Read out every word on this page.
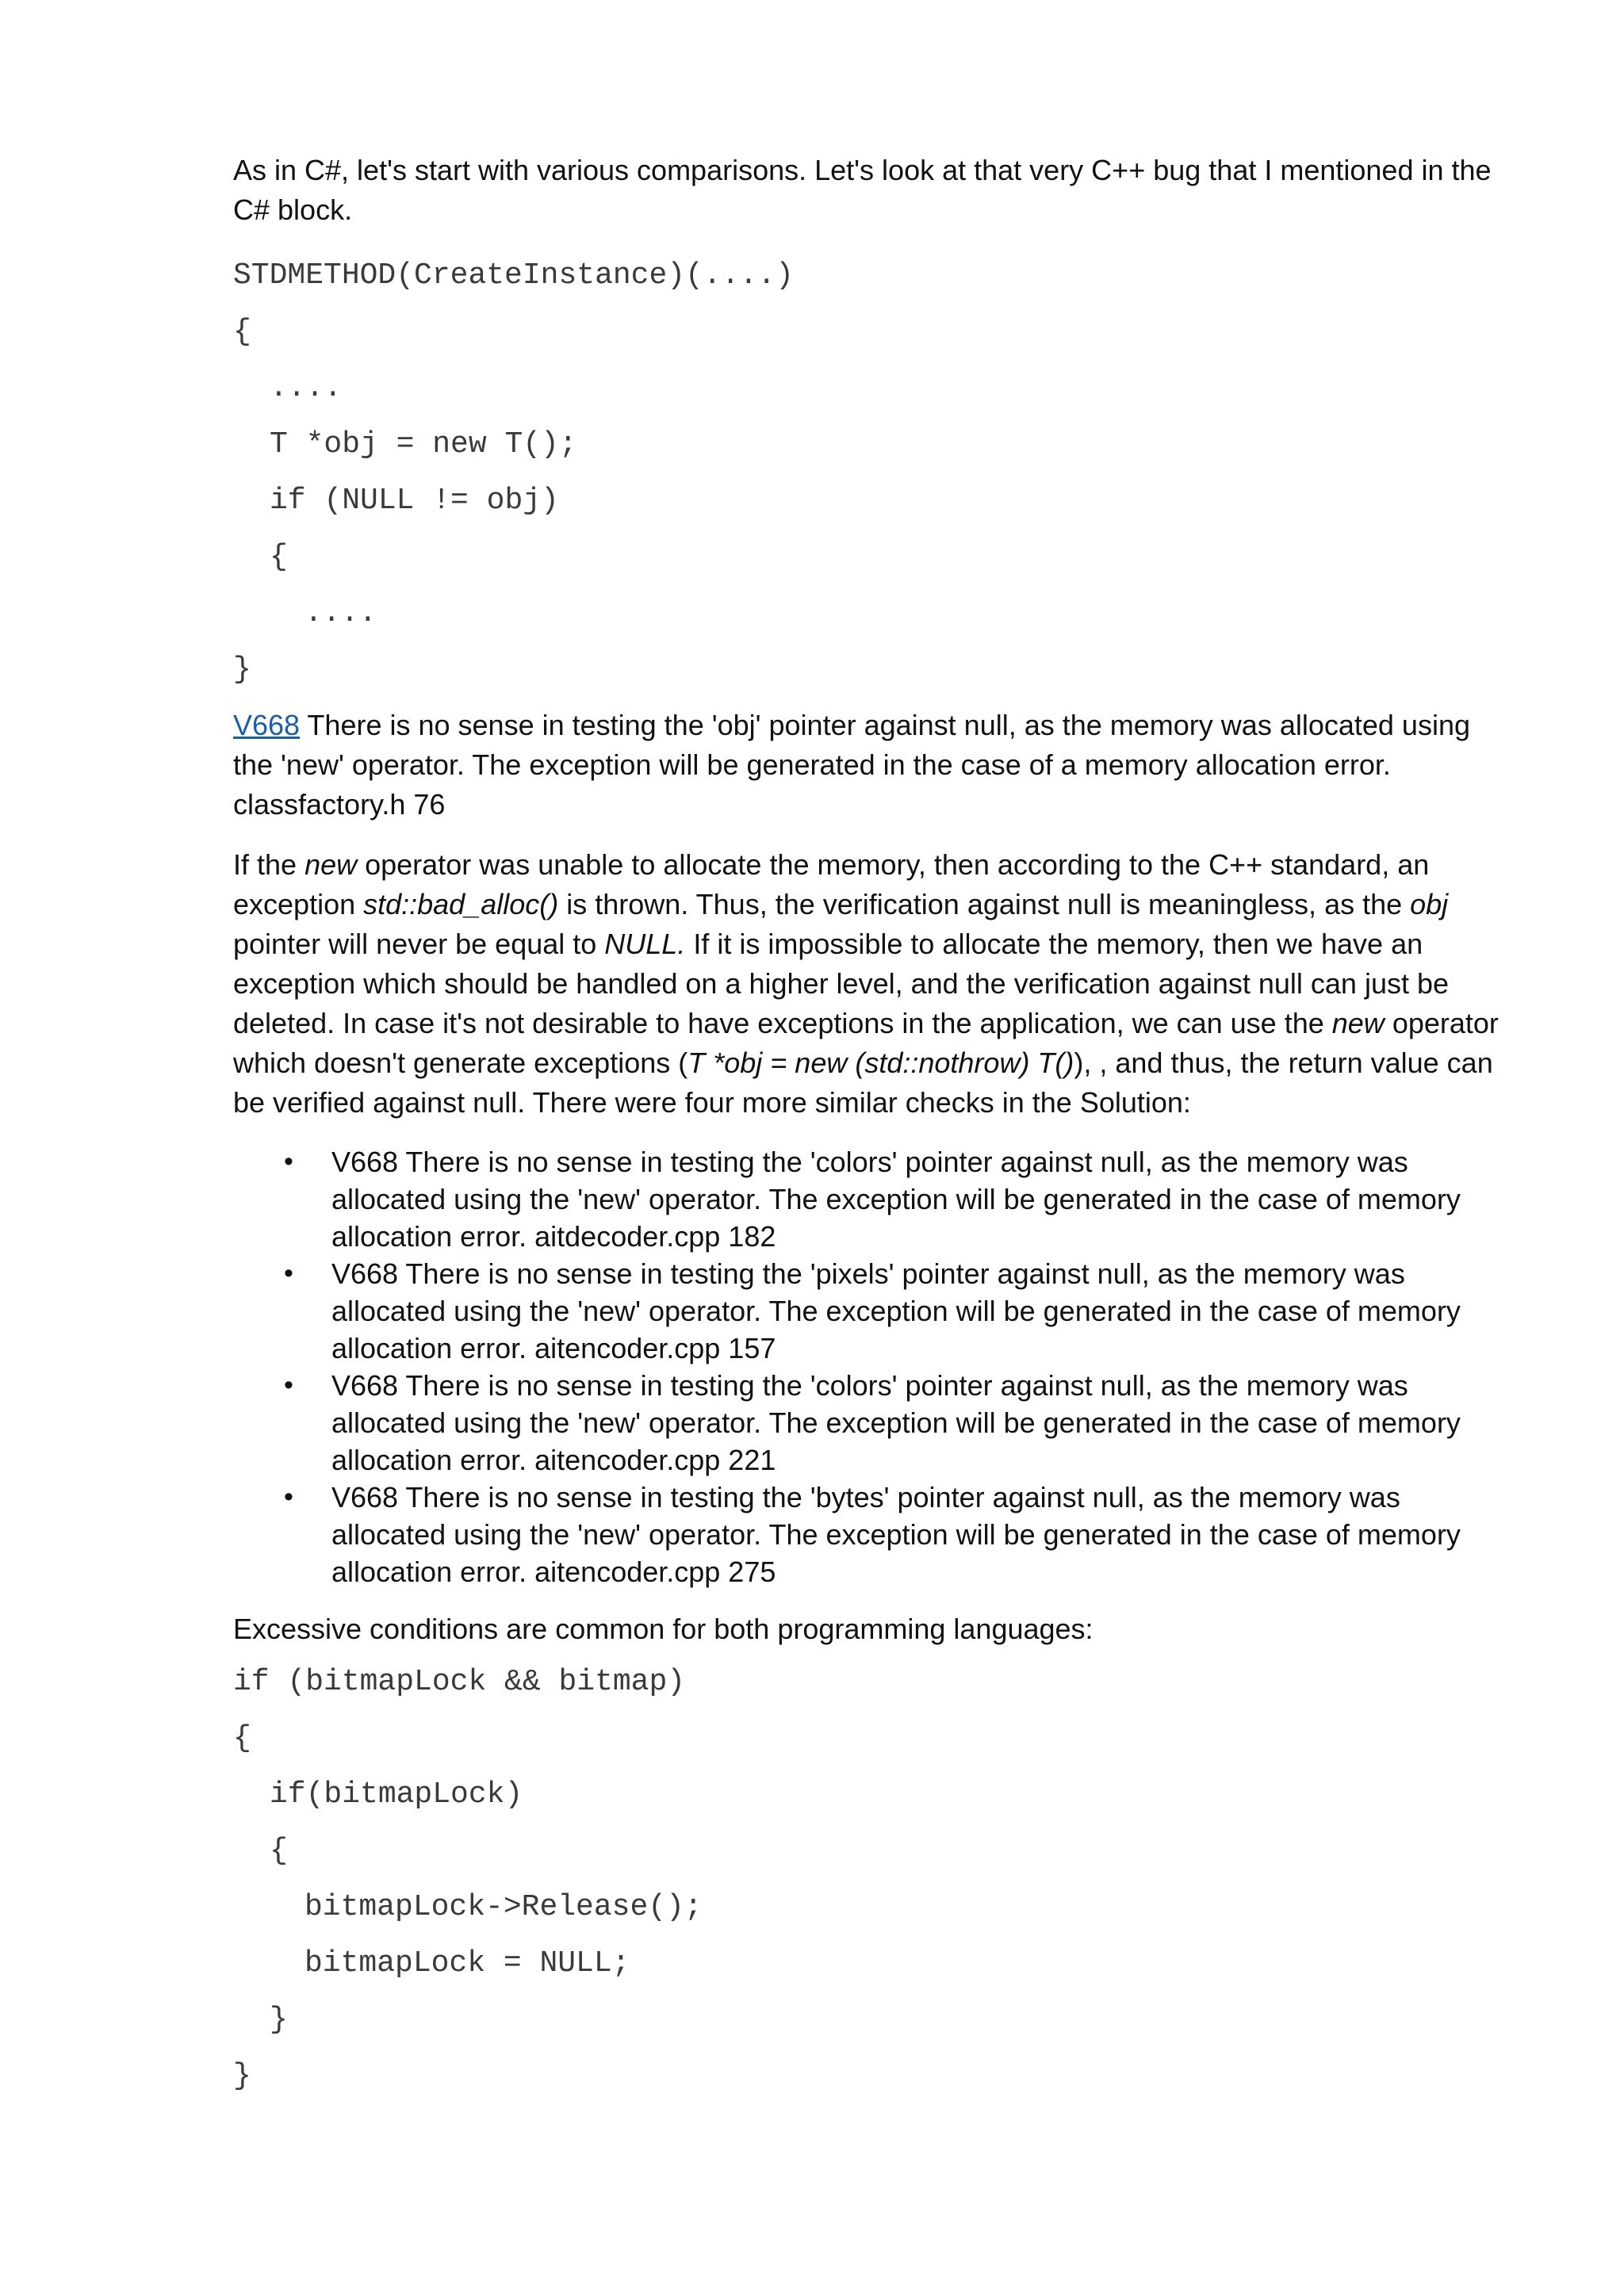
As in C#, let's start with various comparisons. Let's look at that very C++ bug that I mentioned in the C# block.

STDMETHOD(CreateInstance)(....)
{
....
T *obj = new T();
if (NULL != obj)
{
....
}

V668 There is no sense in testing the 'obj' pointer against null, as the memory was allocated using the 'new' operator. The exception will be generated in the case of a memory allocation error. classfactory.h 76

If the new operator was unable to allocate the memory, then according to the C++ standard, an exception std::bad_alloc() is thrown. Thus, the verification against null is meaningless, as the obj pointer will never be equal to NULL. If it is impossible to allocate the memory, then we have an exception which should be handled on a higher level, and the verification against null can just be deleted. In case it's not desirable to have exceptions in the application, we can use the new operator which doesn't generate exceptions (T *obj = new (std::nothrow) T()), , and thus, the return value can be verified against null. There were four more similar checks in the Solution:

• V668 There is no sense in testing the 'colors' pointer against null, as the memory was allocated using the 'new' operator. The exception will be generated in the case of memory allocation error. aitdecoder.cpp 182
• V668 There is no sense in testing the 'pixels' pointer against null, as the memory was allocated using the 'new' operator. The exception will be generated in the case of memory allocation error. aitencoder.cpp 157
• V668 There is no sense in testing the 'colors' pointer against null, as the memory was allocated using the 'new' operator. The exception will be generated in the case of memory allocation error. aitencoder.cpp 221
• V668 There is no sense in testing the 'bytes' pointer against null, as the memory was allocated using the 'new' operator. The exception will be generated in the case of memory allocation error. aitencoder.cpp 275

Excessive conditions are common for both programming languages:

if (bitmapLock && bitmap)
{
if(bitmapLock)
{
bitmapLock->Release();
bitmapLock = NULL;
}
}
